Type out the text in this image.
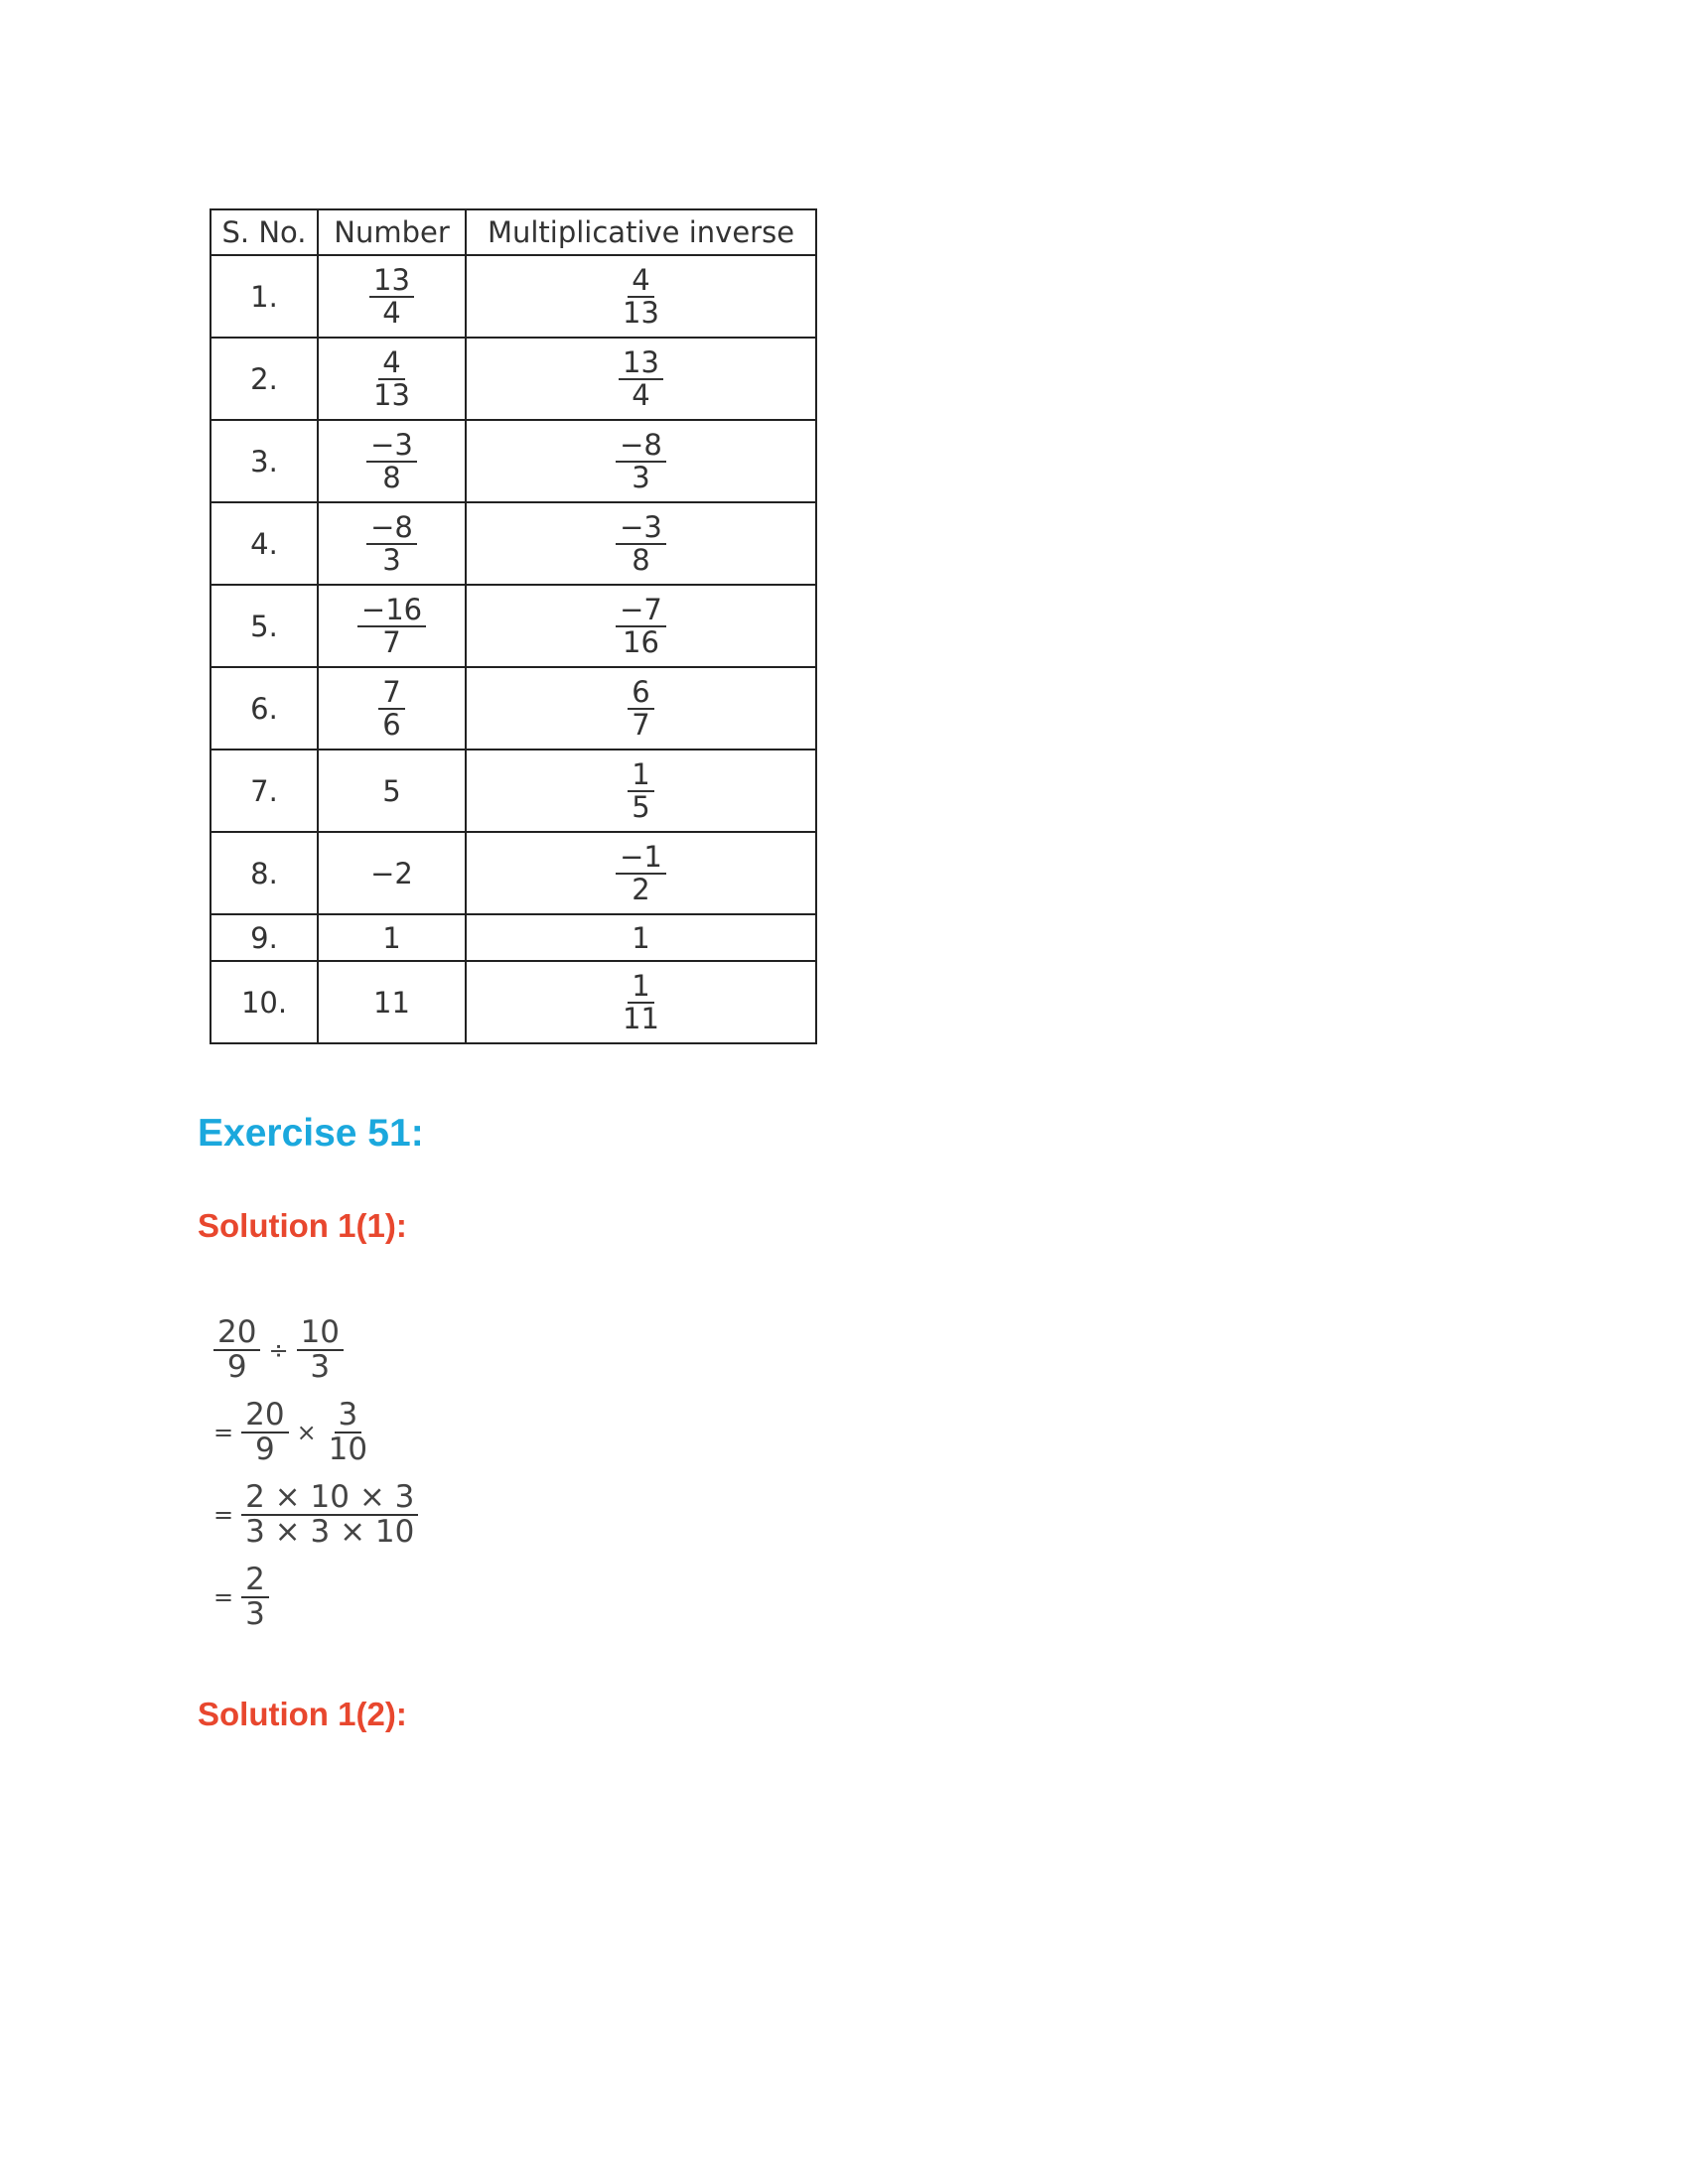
S. No.	Number	Multiplicative inverse
1.	$\frac{13}{4}$	$\frac{4}{13}$

2.	$\frac{4}{13}$	$\frac{13}{4}$

3.	$\frac{-3}{8}$	$\frac{-8}{3}$

4.	$\frac{-8}{3}$	$\frac{-3}{8}$

5.	$\frac{-16}{7}$	$\frac{-7}{16}$

6.	$\frac{7}{6}$	$\frac{6}{7}$

7.	5	$\frac{1}{5}$

8.	−2	$\frac{-1}{2}$

9.	1	1
10.	11	$\frac{1}{11}$
Exercise 51:
Solution 1(1):
$\frac{20}{9} \div \frac{10}{3}$
= $\frac{20}{9} \times \frac{3}{10}$
= $\frac{2 \times 10 \times 3}{3 \times 3 \times 10}$
= $\frac{2}{3}$
Solution 1(2):
